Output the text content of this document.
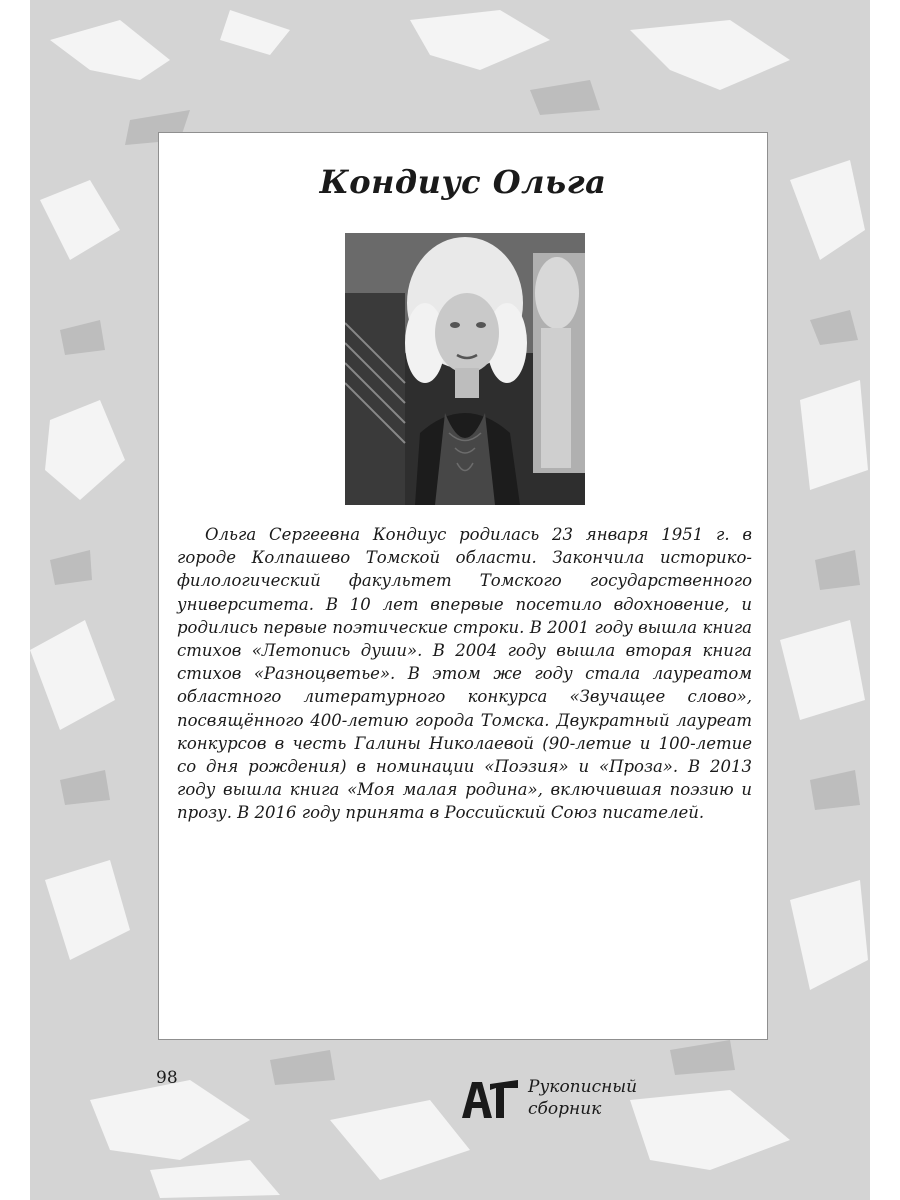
Кондиус Ольга

Ольга Сергеевна Кондиус родилась 23 января 1951 г. в городе Колпашево Томской области. Закончила историко-филологический факультет Томского государственного университета. В 10 лет впервые посетило вдохновение, и родились первые поэтические строки. В 2001 году вышла книга стихов «Летопись души». В 2004 году вышла вторая книга стихов «Разноцветье». В этом же году стала лауреатом областного литературного конкурса «Звучащее слово», посвящённого 400-летию города Томска. Двукратный лауреат конкурсов в честь Галины Николаевой (90-летие и 100-летие со дня рождения) в номинации «Поэзия» и «Проза». В 2013 году вышла книга «Моя малая родина», включившая поэзию и прозу. В 2016 году принята в Российский Союз писателей.

98	Рукописный
сборник
